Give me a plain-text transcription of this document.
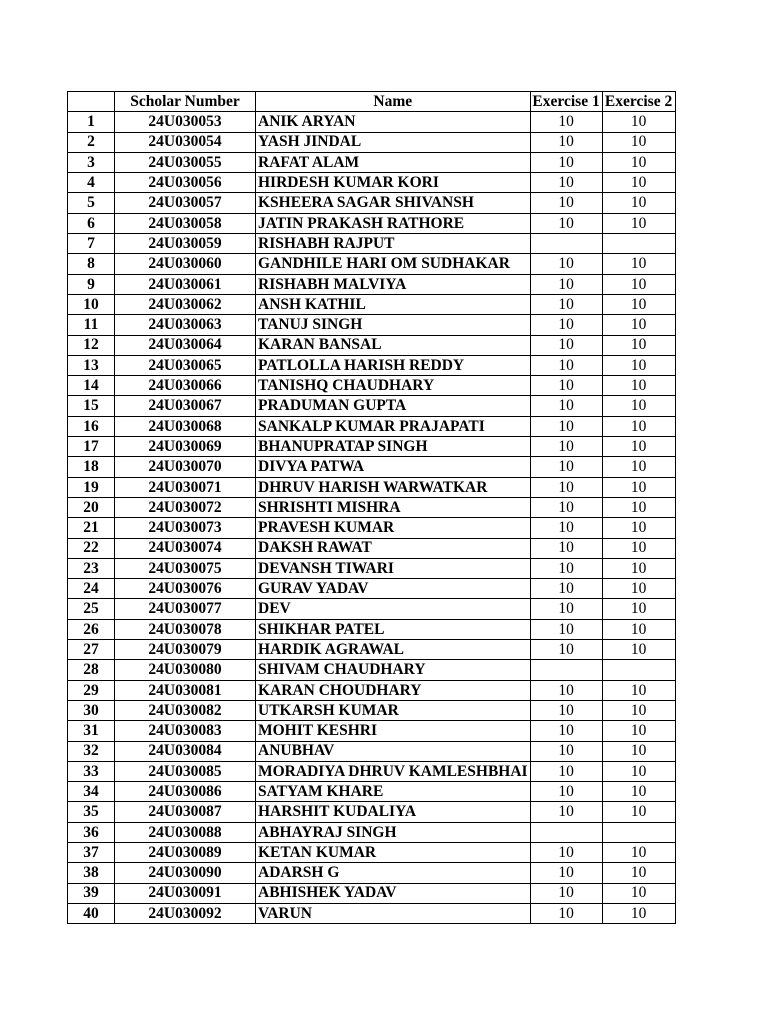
	Scholar Number	Name	Exercise 1	Exercise 2
1	24U030053	ANIK ARYAN	10	10
2	24U030054	YASH JINDAL	10	10
3	24U030055	RAFAT ALAM	10	10
4	24U030056	HIRDESH KUMAR KORI	10	10
5	24U030057	KSHEERA SAGAR SHIVANSH	10	10
6	24U030058	JATIN PRAKASH RATHORE	10	10
7	24U030059	RISHABH RAJPUT		
8	24U030060	GANDHILE HARI OM SUDHAKAR	10	10
9	24U030061	RISHABH MALVIYA	10	10
10	24U030062	ANSH KATHIL	10	10
11	24U030063	TANUJ SINGH	10	10
12	24U030064	KARAN BANSAL	10	10
13	24U030065	PATLOLLA HARISH REDDY	10	10
14	24U030066	TANISHQ CHAUDHARY	10	10
15	24U030067	PRADUMAN GUPTA	10	10
16	24U030068	SANKALP KUMAR PRAJAPATI	10	10
17	24U030069	BHANUPRATAP SINGH	10	10
18	24U030070	DIVYA PATWA	10	10
19	24U030071	DHRUV HARISH WARWATKAR	10	10
20	24U030072	SHRISHTI MISHRA	10	10
21	24U030073	PRAVESH KUMAR	10	10
22	24U030074	DAKSH RAWAT	10	10
23	24U030075	DEVANSH TIWARI	10	10
24	24U030076	GURAV YADAV	10	10
25	24U030077	DEV	10	10
26	24U030078	SHIKHAR PATEL	10	10
27	24U030079	HARDIK AGRAWAL	10	10
28	24U030080	SHIVAM CHAUDHARY		
29	24U030081	KARAN CHOUDHARY	10	10
30	24U030082	UTKARSH KUMAR	10	10
31	24U030083	MOHIT KESHRI	10	10
32	24U030084	ANUBHAV	10	10
33	24U030085	MORADIYA DHRUV KAMLESHBHAI	10	10
34	24U030086	SATYAM KHARE	10	10
35	24U030087	HARSHIT KUDALIYA	10	10
36	24U030088	ABHAYRAJ SINGH		
37	24U030089	KETAN KUMAR	10	10
38	24U030090	ADARSH G	10	10
39	24U030091	ABHISHEK YADAV	10	10
40	24U030092	VARUN	10	10
